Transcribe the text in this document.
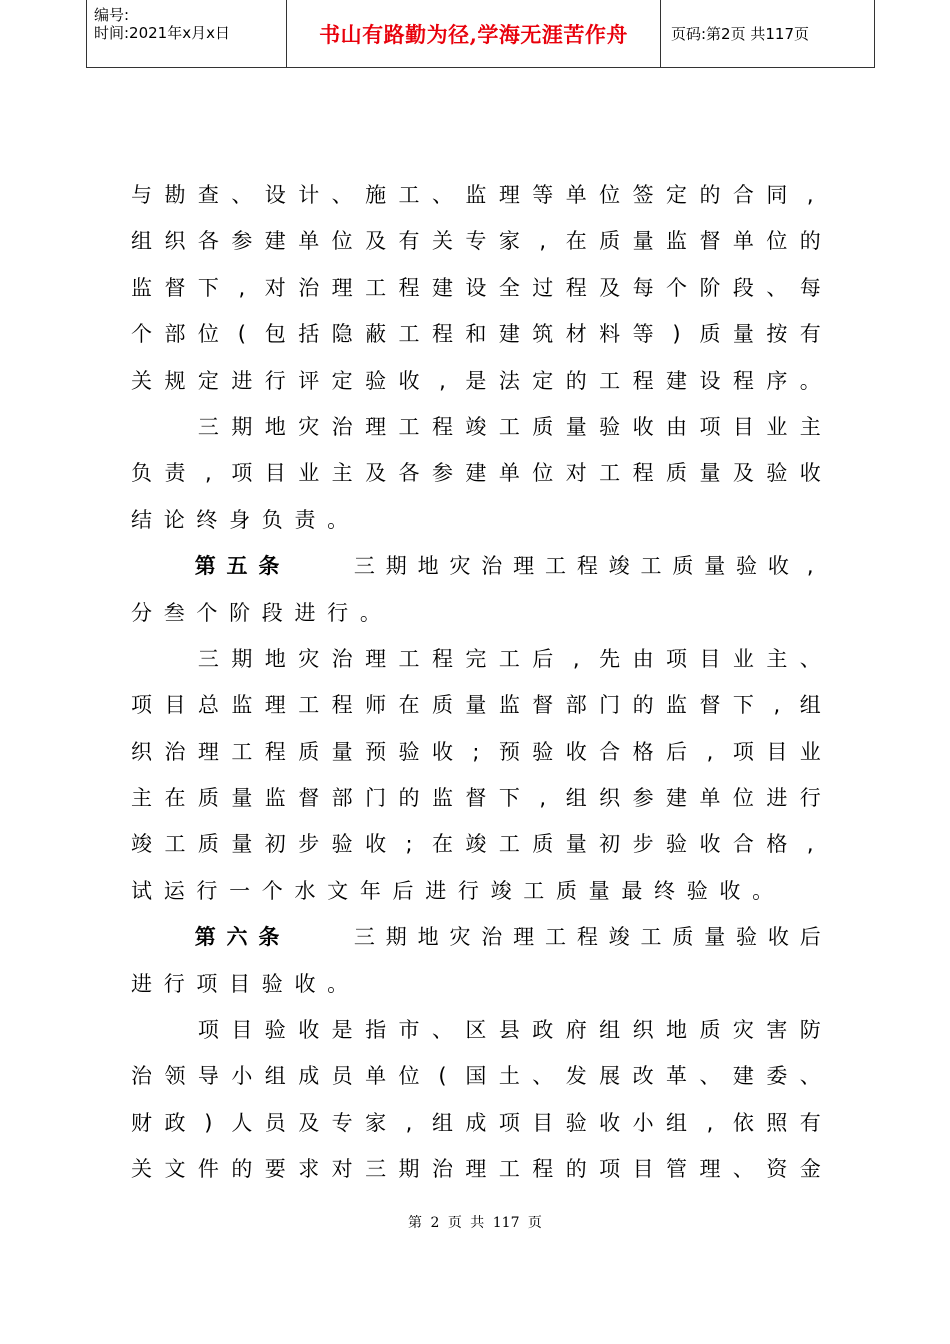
编号:
时间:2021年x月x日	书山有路勤为径,学海无涯苦作舟	页码:第2页 共117页
与 勘 查 、 设 计 、 施 工 、 监 理 等 单 位 签 定 的 合 同 ,
组 织 各 参 建 单 位 及 有 关 专 家 , 在 质 量 监 督 单 位 的
监 督 下 , 对 治 理 工 程 建 设 全 过 程 及 每 个 阶 段 、 每
个 部 位 ( 包 括 隐 蔽 工 程 和 建 筑 材 料 等 ) 质 量 按 有
关 规 定 进 行 评 定 验 收 , 是 法 定 的 工 程 建 设 程 序 。

三 期 地 灾 治 理 工 程 竣 工 质 量 验 收 由 项 目 业 主
负 责 , 项 目 业 主 及 各 参 建 单 位 对 工 程 质 量 及 验 收
结 论 终 身 负 责 。

第 五 条

	三 期 地 灾 治 理 工 程 竣 工 质 量 验 收 ,
分 叁 个 阶 段 进 行 。

三 期 地 灾 治 理 工 程 完 工 后 , 先 由 项 目 业 主 、
项 目 总 监 理 工 程 师 在 质 量 监 督 部 门 的 监 督 下 , 组
织 治 理 工 程 质 量 预 验 收 ; 预 验 收 合 格 后 , 项 目 业
主 在 质 量 监 督 部 门 的 监 督 下 , 组 织 参 建 单 位 进 行
竣 工 质 量 初 步 验 收 ; 在 竣 工 质 量 初 步 验 收 合 格 ,
试 运 行 一 个 水 文 年 后 进 行 竣 工 质 量 最 终 验 收 。

第 六 条

	三 期 地 灾 治 理 工 程 竣 工 质 量 验 收 后
进 行 项 目 验 收 。

项 目 验 收 是 指 市 、 区 县 政 府 组 织 地 质 灾 害 防
治 领 导 小 组 成 员 单 位 ( 国 土 、 发 展 改 革 、 建 委 、
财 政 ) 人 员 及 专 家 , 组 成 项 目 验 收 小 组 , 依 照 有
关 文 件 的 要 求 对 三 期 治 理 工 程 的 项 目 管 理 、 资 金
第 2 页 共 117 页
